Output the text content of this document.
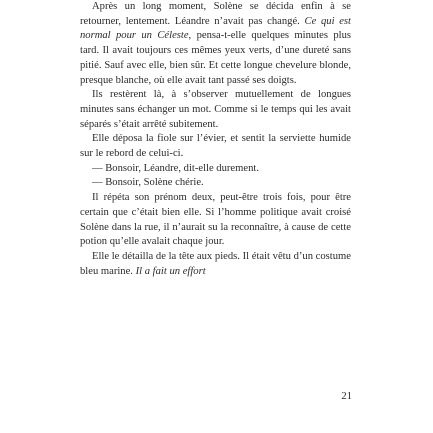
Après un long moment, Solène se décida enfin à se retourner, lentement. Léandre n’avait pas changé. Ce qui est normal pour un Céleste, pensa-t-elle quelques minutes plus tard. Il avait toujours ces mêmes yeux verts, d’une dureté sans pitié. Sauf avec elle, bien sûr. Et cette longue chevelure blonde, presque blanche, où elle avait tant passé ses doigts.

Ils restèrent là, à s’observer mutuellement de longues minutes sans échanger un mot. Comme si le temps qui les avait séparés s’était arrêté subitement.

Elle déposa la fiole sur l’évier, et sentit la serviette humide sur le rebord de celui-ci.

— Bonsoir, Léandre, dit-elle durement.

— Bonsoir, Solène chérie.

Il répéta son prénom deux, peut-être trois fois, pour être certain que c’était bien elle. Si l’homme politique avait croisé Solène dans la rue, il n’aurait su la reconnaître, à cause de cette potion qu’elle avalait chaque jour.

Elle le détailla de la tête aux pieds. Il était vêtu d’un costume bleu marine. Il a fait un effort

21
